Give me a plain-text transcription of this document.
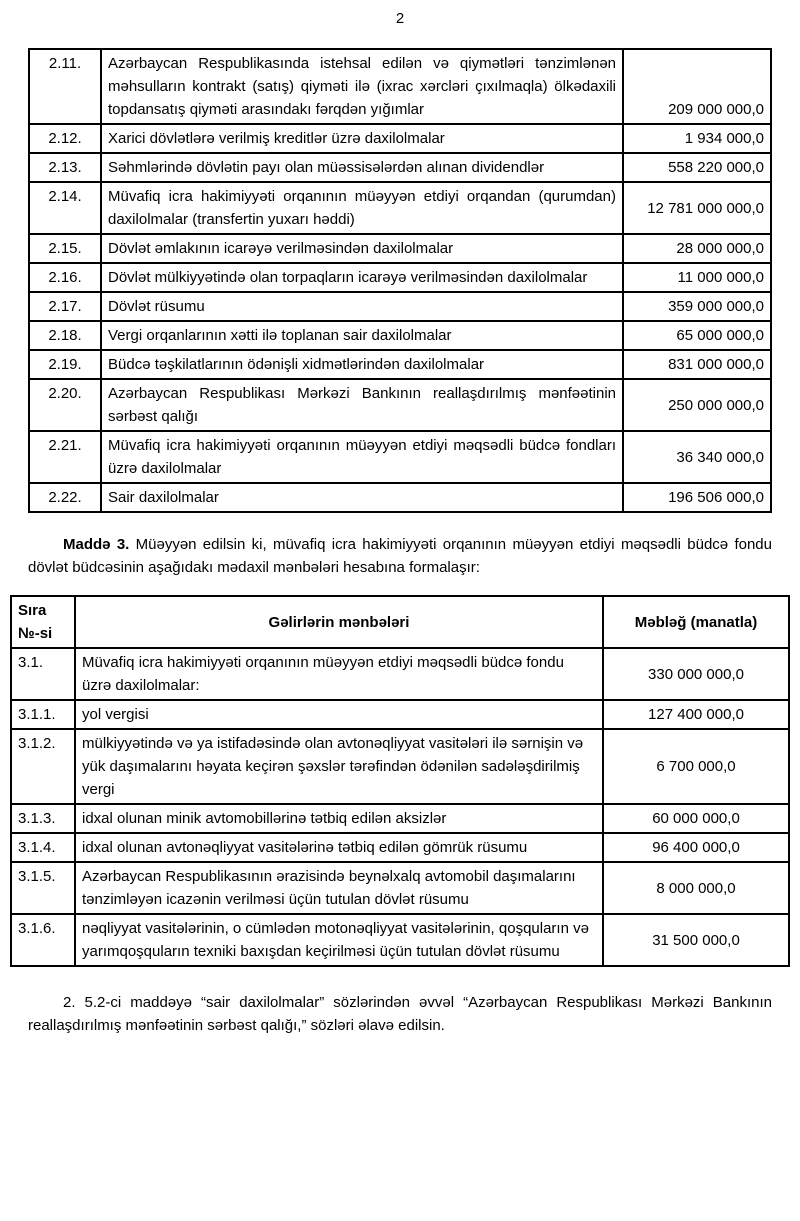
2
2.11.	Azərbaycan Respublikasında istehsal edilən və qiymətləri tənzimlənən məhsulların kontrakt (satış) qiyməti ilə (ixrac xərcləri çıxılmaqla) ölkədaxili topdansatış qiyməti arasındakı fərqdən yığımlar	209 000 000,0
2.12.	Xarici dövlətlərə verilmiş kreditlər üzrə daxilolmalar	1 934 000,0
2.13.	Səhmlərində dövlətin payı olan müəssisələrdən alınan dividendlər	558 220 000,0
2.14.	Müvafiq icra hakimiyyəti orqanının müəyyən etdiyi orqandan (qurumdan) daxilolmalar (transfertin yuxarı həddi)	12 781 000 000,0
2.15.	Dövlət əmlakının icarəyə verilməsindən daxilolmalar	28 000 000,0
2.16.	Dövlət mülkiyyətində olan torpaqların icarəyə verilməsindən daxilolmalar	11 000 000,0
2.17.	Dövlət rüsumu	359 000 000,0
2.18.	Vergi orqanlarının xətti ilə toplanan sair daxilolmalar	65 000 000,0
2.19.	Büdcə təşkilatlarının ödənişli xidmətlərindən daxilolmalar	831 000 000,0
2.20.	Azərbaycan Respublikası Mərkəzi Bankının reallaşdırılmış mənfəətinin sərbəst qalığı	250 000 000,0
2.21.	Müvafiq icra hakimiyyəti orqanının müəyyən etdiyi məqsədli büdcə fondları üzrə daxilolmalar	36 340 000,0
2.22.	Sair daxilolmalar	196 506 000,0

Maddə 3. Müəyyən edilsin ki, müvafiq icra hakimiyyəti orqanının müəyyən etdiyi məqsədli büdcə fondu dövlət büdcəsinin aşağıdakı mədaxil mənbələri hesabına formalaşır:

Sıra №-si	Gəlirlərin mənbələri	Məbləğ (manatla)
3.1.	Müvafiq icra hakimiyyəti orqanının müəyyən etdiyi məqsədli büdcə fondu üzrə daxilolmalar:	330 000 000,0
3.1.1.	yol vergisi	127 400 000,0
3.1.2.	mülkiyyətində və ya istifadəsində olan avtonəqliyyat vasitələri ilə sərnişin və yük daşımalarını həyata keçirən şəxslər tərəfindən ödənilən sadələşdirilmiş vergi	6 700 000,0
3.1.3.	idxal olunan minik avtomobillərinə tətbiq edilən aksizlər	60 000 000,0
3.1.4.	idxal olunan avtonəqliyyat vasitələrinə tətbiq edilən gömrük rüsumu	96 400 000,0
3.1.5.	Azərbaycan Respublikasının ərazisində beynəlxalq avtomobil daşımalarını tənzimləyən icazənin verilməsi üçün tutulan dövlət rüsumu	8 000 000,0
3.1.6.	nəqliyyat vasitələrinin, o cümlədən motonəqliyyat vasitələrinin, qoşquların və yarımqoşquların texniki baxışdan keçirilməsi üçün tutulan dövlət rüsumu	31 500 000,0

2. 5.2-ci maddəyə “sair daxilolmalar” sözlərindən əvvəl “Azərbaycan Respublikası Mərkəzi Bankının reallaşdırılmış mənfəətinin sərbəst qalığı,” sözləri əlavə edilsin.
